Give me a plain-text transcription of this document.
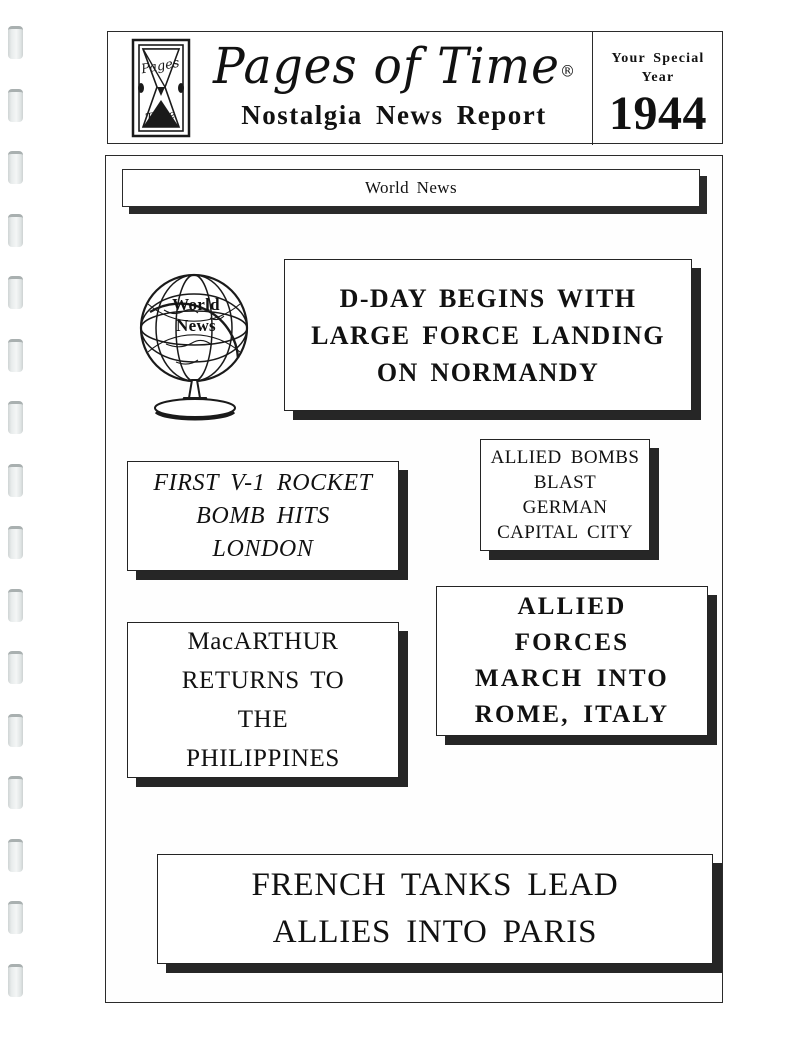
Pages
Time
Pages of Time®
Nostalgia News Report
Your Special
Year
1944
World News
World
News
D-DAY BEGINS WITH
LARGE FORCE LANDING
ON NORMANDY
FIRST V-1 ROCKET
BOMB HITS
LONDON
ALLIED BOMBS
BLAST
GERMAN
CAPITAL CITY
ALLIED
FORCES
MARCH INTO
ROME, ITALY
MacARTHUR
RETURNS TO
THE
PHILIPPINES
FRENCH TANKS LEAD
ALLIES INTO PARIS
